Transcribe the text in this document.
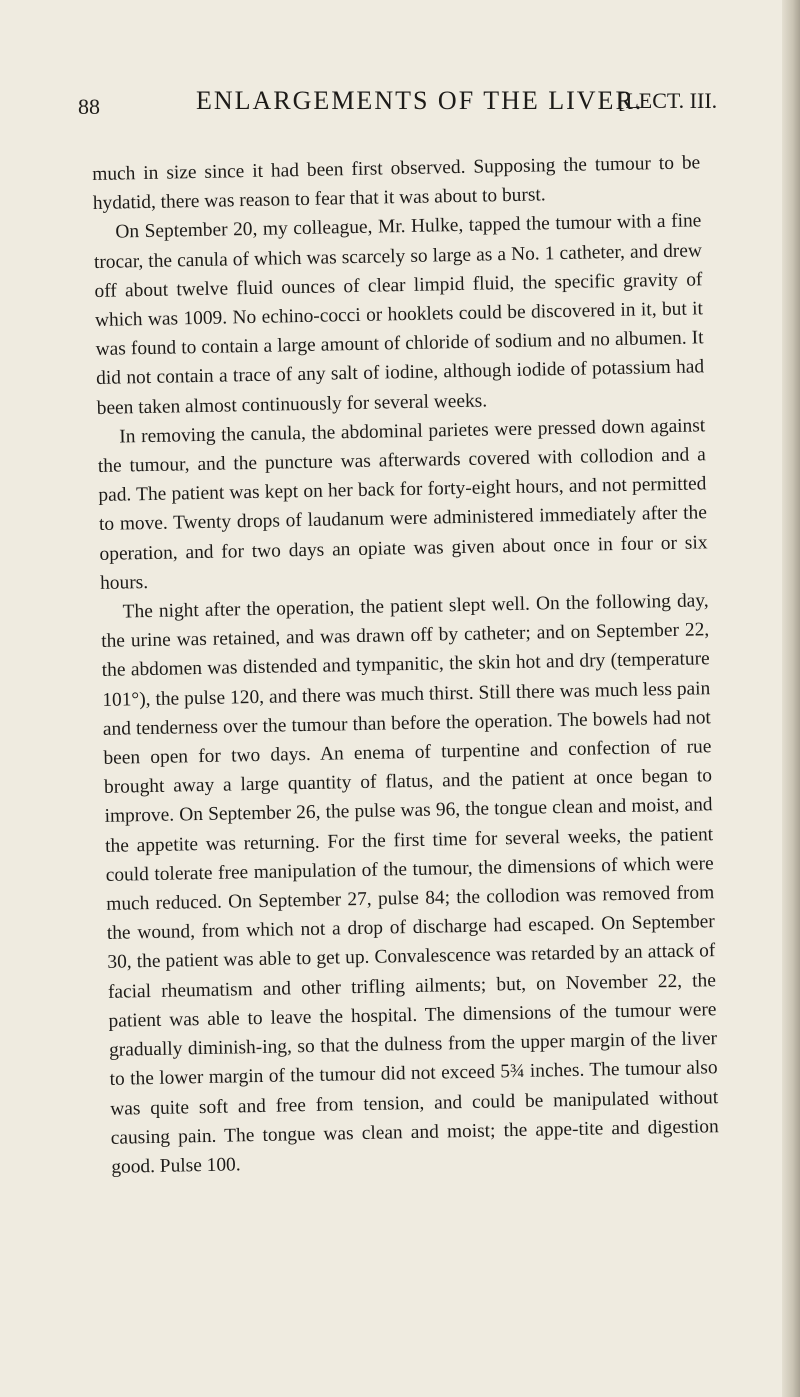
88	ENLARGEMENTS OF THE LIVER.
[LECT. III.

much in size since it had been first observed. Supposing the tumour to be hydatid, there was reason to fear that it was about to burst.

On September 20, my colleague, Mr. Hulke, tapped the tumour with a fine trocar, the canula of which was scarcely so large as a No. 1 catheter, and drew off about twelve fluid ounces of clear limpid fluid, the specific gravity of which was 1009. No echino-cocci or hooklets could be discovered in it, but it was found to contain a large amount of chloride of sodium and no albumen. It did not contain a trace of any salt of iodine, although iodide of potassium had been taken almost continuously for several weeks.

In removing the canula, the abdominal parietes were pressed down against the tumour, and the puncture was afterwards covered with collodion and a pad. The patient was kept on her back for forty-eight hours, and not permitted to move. Twenty drops of laudanum were administered immediately after the operation, and for two days an opiate was given about once in four or six hours.

The night after the operation, the patient slept well. On the following day, the urine was retained, and was drawn off by catheter; and on September 22, the abdomen was distended and tympanitic, the skin hot and dry (temperature 101°), the pulse 120, and there was much thirst. Still there was much less pain and tenderness over the tumour than before the operation. The bowels had not been open for two days. An enema of turpentine and confection of rue brought away a large quantity of flatus, and the patient at once began to improve. On September 26, the pulse was 96, the tongue clean and moist, and the appetite was returning. For the first time for several weeks, the patient could tolerate free manipulation of the tumour, the dimensions of which were much reduced. On September 27, pulse 84; the collodion was removed from the wound, from which not a drop of discharge had escaped. On September 30, the patient was able to get up. Convalescence was retarded by an attack of facial rheumatism and other trifling ailments; but, on November 22, the patient was able to leave the hospital. The dimensions of the tumour were gradually diminish-ing, so that the dulness from the upper margin of the liver to the lower margin of the tumour did not exceed 5¾ inches. The tumour also was quite soft and free from tension, and could be manipulated without causing pain. The tongue was clean and moist; the appe-tite and digestion good. Pulse 100.
